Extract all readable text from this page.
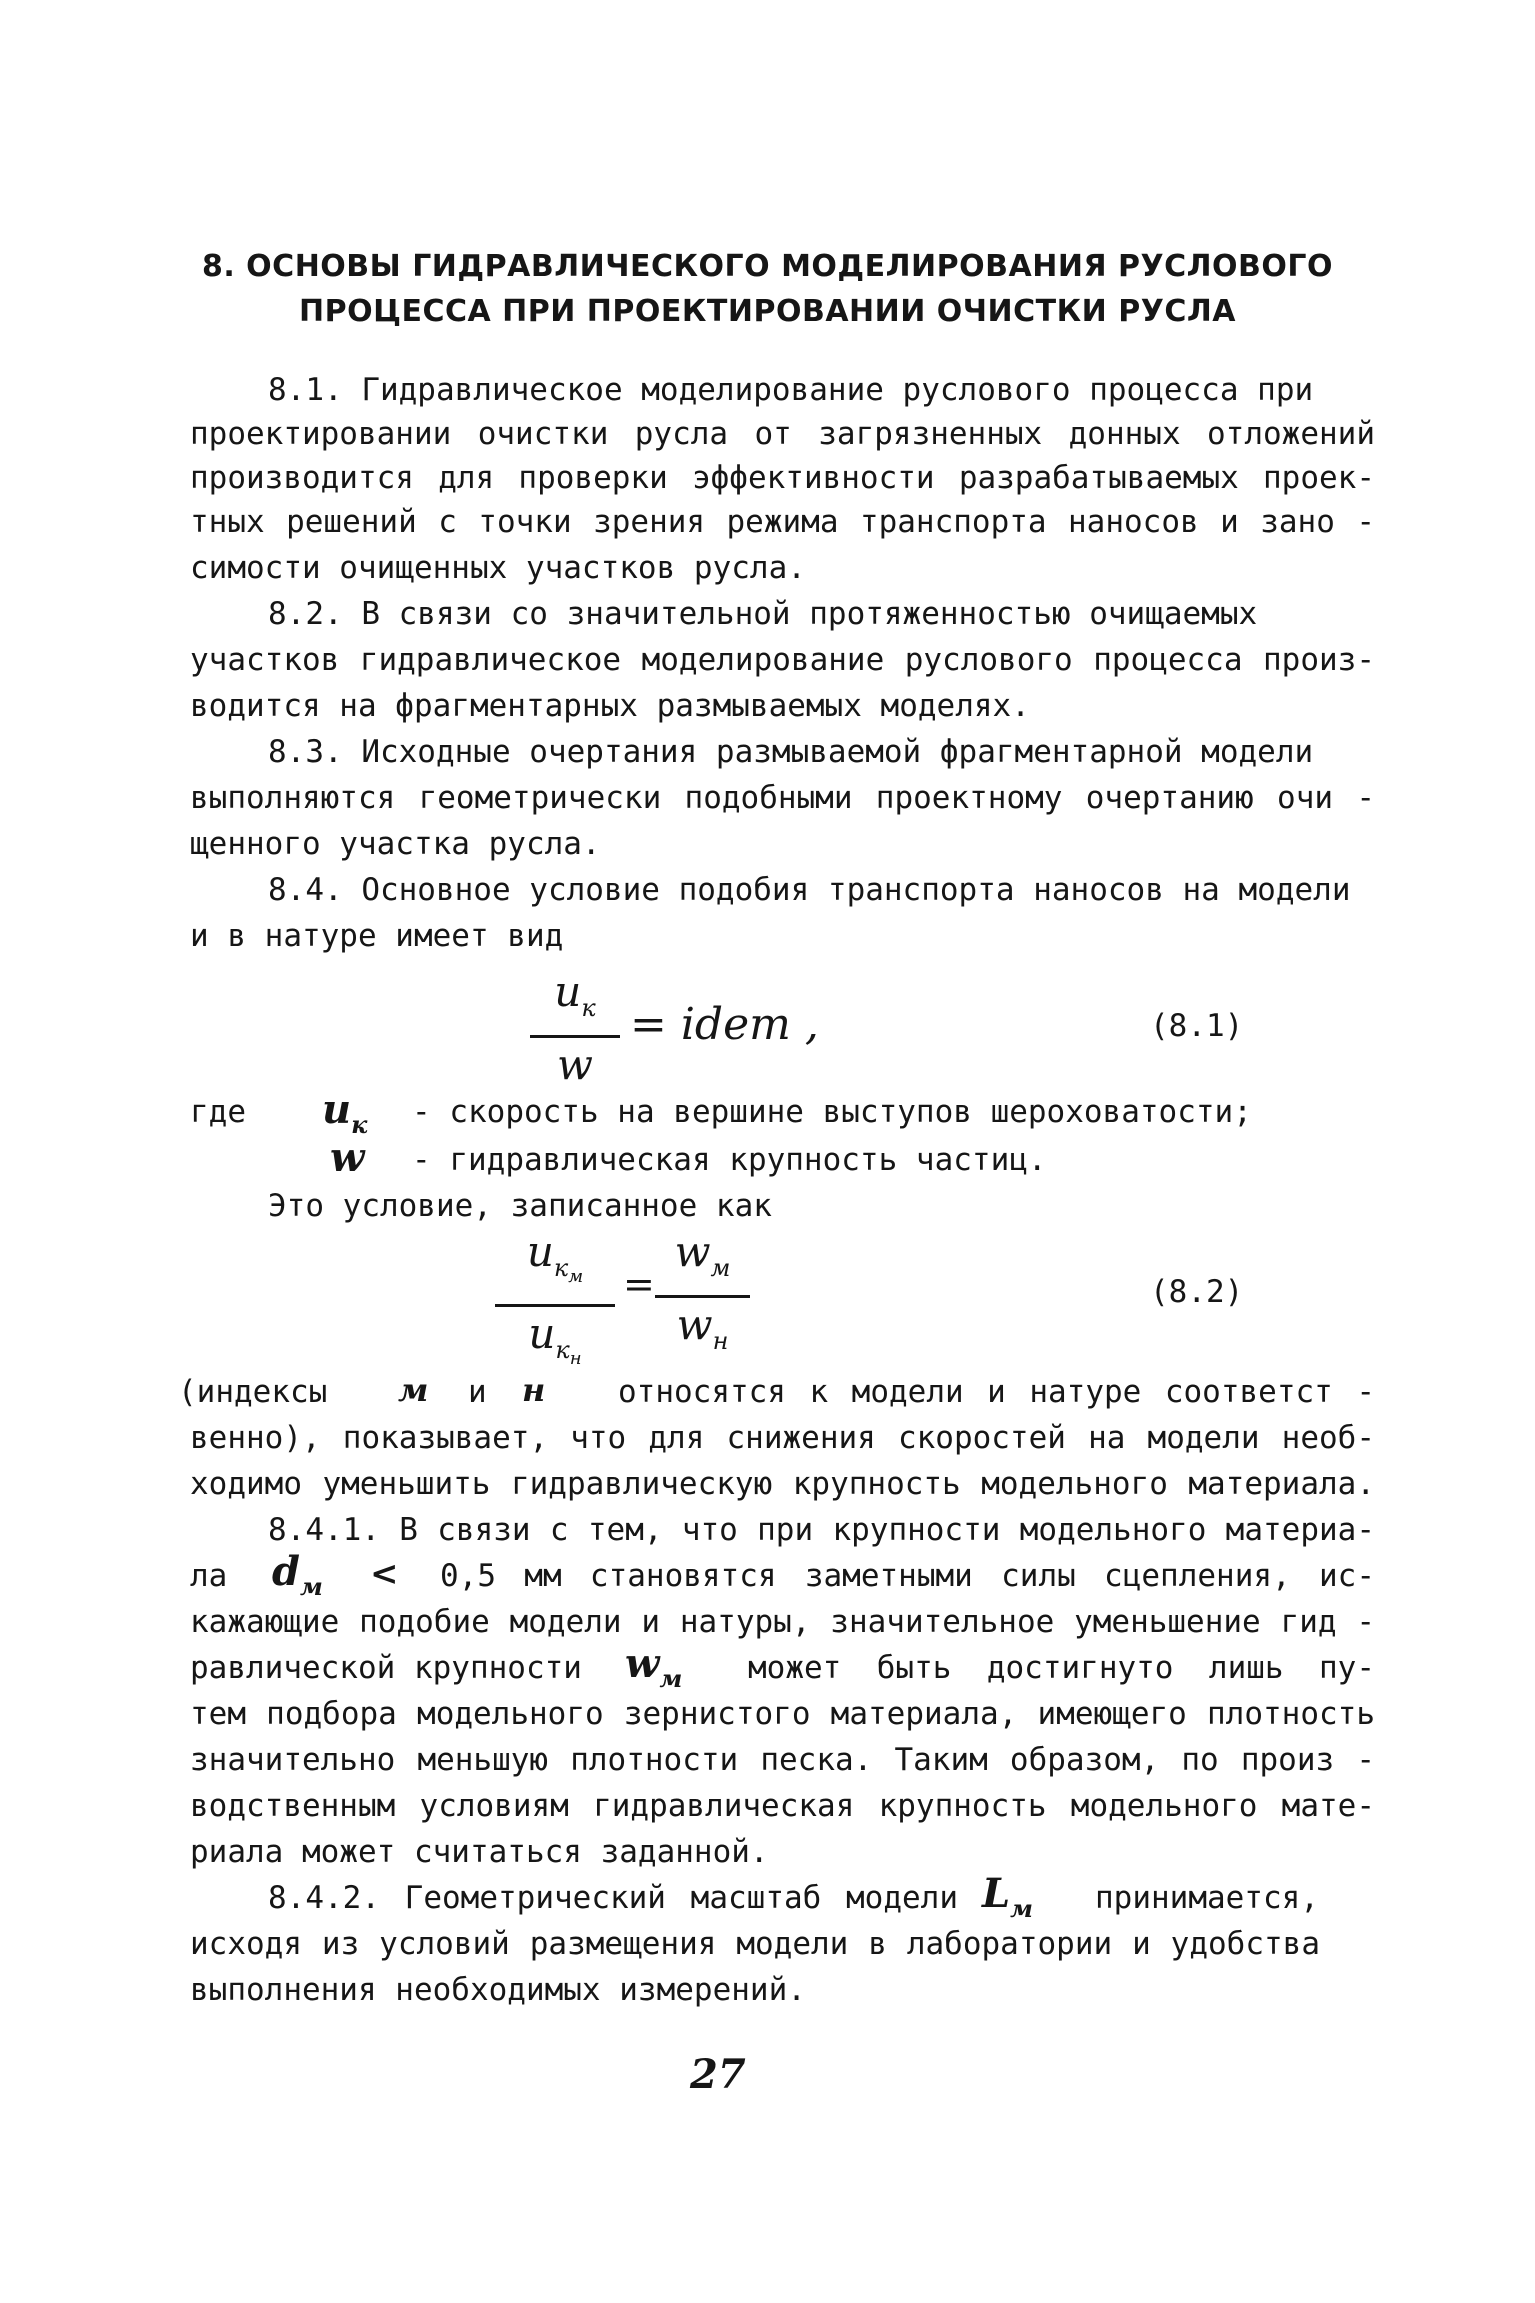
8. ОСНОВЫ ГИДРАВЛИЧЕСКОГО МОДЕЛИРОВАНИЯ РУСЛОВОГО
ПРОЦЕССА ПРИ ПРОЕКТИРОВАНИИ ОЧИСТКИ РУСЛА
8.1. Гидравлическое моделирование руслового процесса при
проектировании очистки русла от загрязненных донных отложений
производится для проверки эффективности разрабатываемых проек-
тных решений с точки зрения режима транспорта наносов и зано -
симости очищенных участков русла.
8.2. В связи со значительной протяженностью очищаемых
участков гидравлическое моделирование руслового процесса произ-
водится на фрагментарных размываемых моделях.
8.3. Исходные очертания размываемой фрагментарной модели
выполняются геометрически подобными проектному очертанию очи -
щенного участка русла.
8.4. Основное условие подобия транспорта наносов на модели
и в натуре имеет вид
$u_к$
w
= idem ,	(8.1)
где	$u_к$ - скорость на вершине выступов шероховатости;
w - гидравлическая крупность частиц.
Это условие, записанное как
$u_{км}$
$u_{кн}$
=
$w_м$
$w_н$
(8.2)
(индексы	м и	н относятся к модели и натуре соответст -
венно), показывает, что для снижения скоростей на модели необ-
ходимо уменьшить гидравлическую крупность модельного материала.
8.4.1. В связи с тем, что при крупности модельного материа-
ла	$d_м < 0,5$ мм становятся заметными силы сцепления, ис-
кажающие подобие модели и натуры, значительное уменьшение гид -
равлической крупности $w_м$ может быть достигнуто лишь пу-
тем подбора модельного зернистого материала, имеющего плотность
значительно меньшую плотности песка. Таким образом, по произ -
водственным условиям гидравлическая крупность модельного мате-
риала может считаться заданной.
8.4.2. Геометрический масштаб модели $L_м$ принимается,
исходя из условий размещения модели в лаборатории и удобства
выполнения необходимых измерений.
27
